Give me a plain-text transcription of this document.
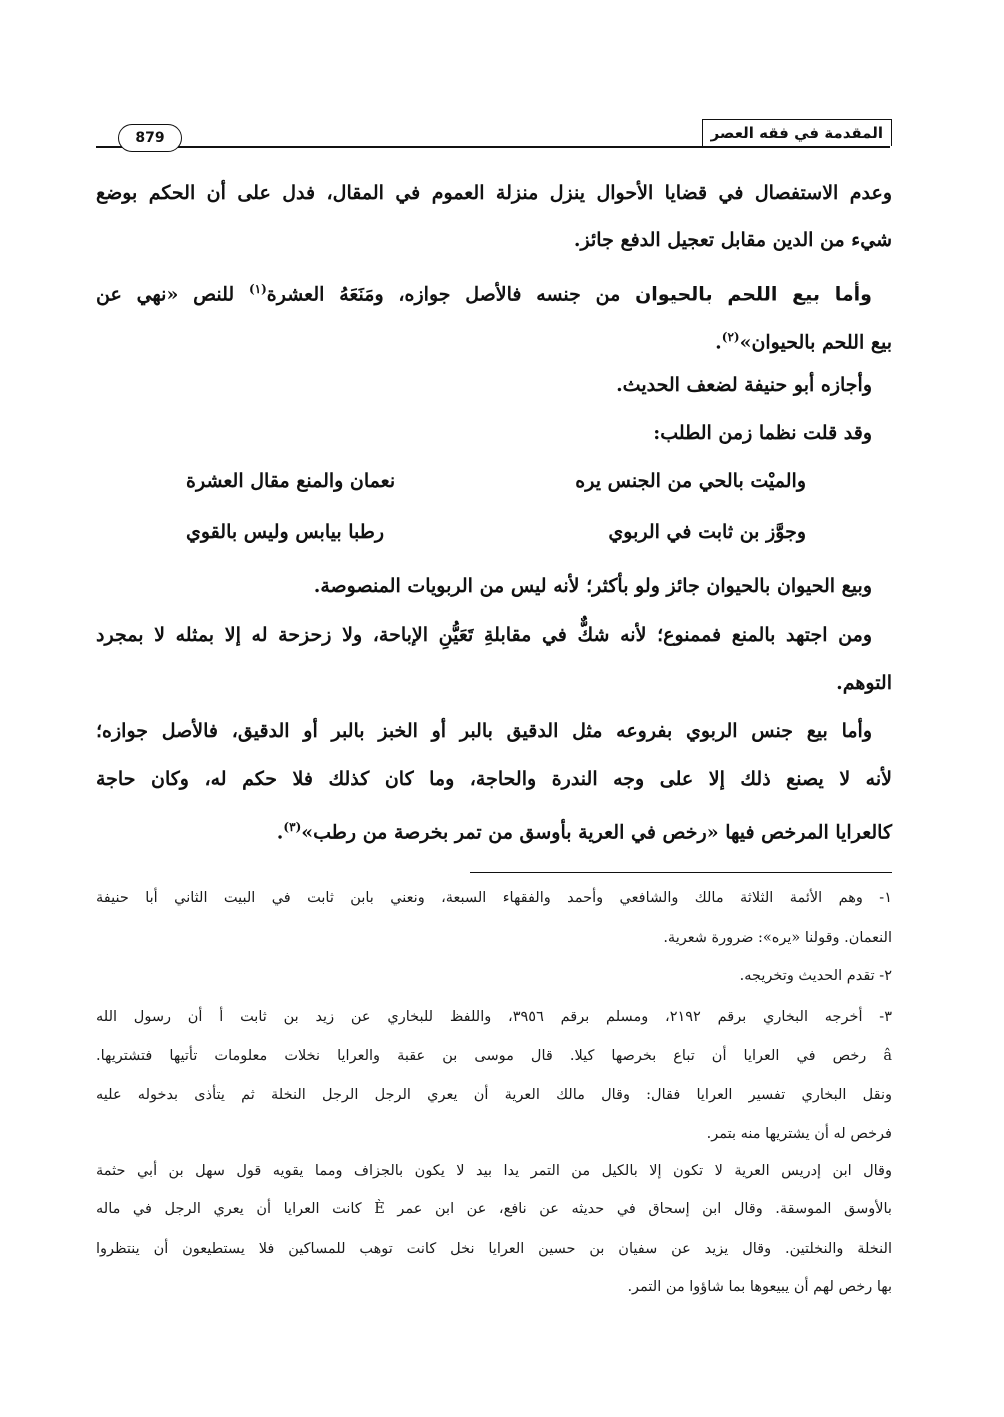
المقدمة في فقه العصر
879
وعدم الاستفصال في قضايا الأحوال ينزل منزلة العموم في المقال، فدل على أن الحكم بوضع
شيء من الدين مقابل تعجيل الدفع جائز.
وأما بيع اللحم بالحيوان من جنسه فالأصل جوازه، ومَنَعَهُ العشرة$^{(١)}$ للنص «نهي عن
بيع اللحم بالحيوان»$^{(٢)}$.
وأجازه أبو حنيفة لضعف الحديث.
وقد قلت نظما زمن الطلب:
والميْت بالحي من الجنس يره
نعمان والمنع مقال العشرة
وجوَّز بن ثابت في الربوي
رطبا بيابس وليس بالقوي
وبيع الحيوان بالحيوان جائز ولو بأكثر؛ لأنه ليس من الربويات المنصوصة.
ومن اجتهد بالمنع فممنوع؛ لأنه شكٌّ في مقابلةِ تَعَيُّنِ الإباحة، ولا زحزحة له إلا بمثله لا بمجرد
التوهم.
وأما بيع جنس الربوي بفروعه مثل الدقيق بالبر أو الخبز بالبر أو الدقيق، فالأصل جوازه؛
لأنه لا يصنع ذلك إلا على وجه الندرة والحاجة، وما كان كذلك فلا حكم له، وكان حاجة
كالعرايا المرخص فيها «رخص في العرية بأوسق من تمر بخرصة من رطب»$^{(٣)}$.
١- وهم الأئمة الثلاثة مالك والشافعي وأحمد والفقهاء السبعة، ونعني بابن ثابت في البيت الثاني أبا حنيفة
النعمان. وقولنا «يره»: ضرورة شعرية.
٢- تقدم الحديث وتخريجه.
٣- أخرجه البخاري برقم ٢١٩٢، ومسلم برقم ٣٩٥٦، واللفظ للبخاري عن زيد بن ثابت أ أن رسول الله
â رخص في العرايا أن تباع بخرصها كيلا. قال موسى بن عقبة والعرايا نخلات معلومات تأتيها فتشتريها.
ونقل البخاري تفسير العرايا فقال: وقال مالك العرية أن يعري الرجل الرجل النخلة ثم يتأذى بدخوله عليه
فرخص له أن يشتريها منه بتمر.
وقال ابن إدريس العرية لا تكون إلا بالكيل من التمر يدا بيد لا يكون بالجزاف ومما يقويه قول سهل بن أبي حثمة
بالأوسق الموسقة. وقال ابن إسحاق في حديثه عن نافع، عن ابن عمر È كانت العرايا أن يعري الرجل في ماله
النخلة والنخلتين. وقال يزيد عن سفيان بن حسين العرايا نخل كانت توهب للمساكين فلا يستطيعون أن ينتظروا
بها رخص لهم أن يبيعوها بما شاؤوا من التمر.
